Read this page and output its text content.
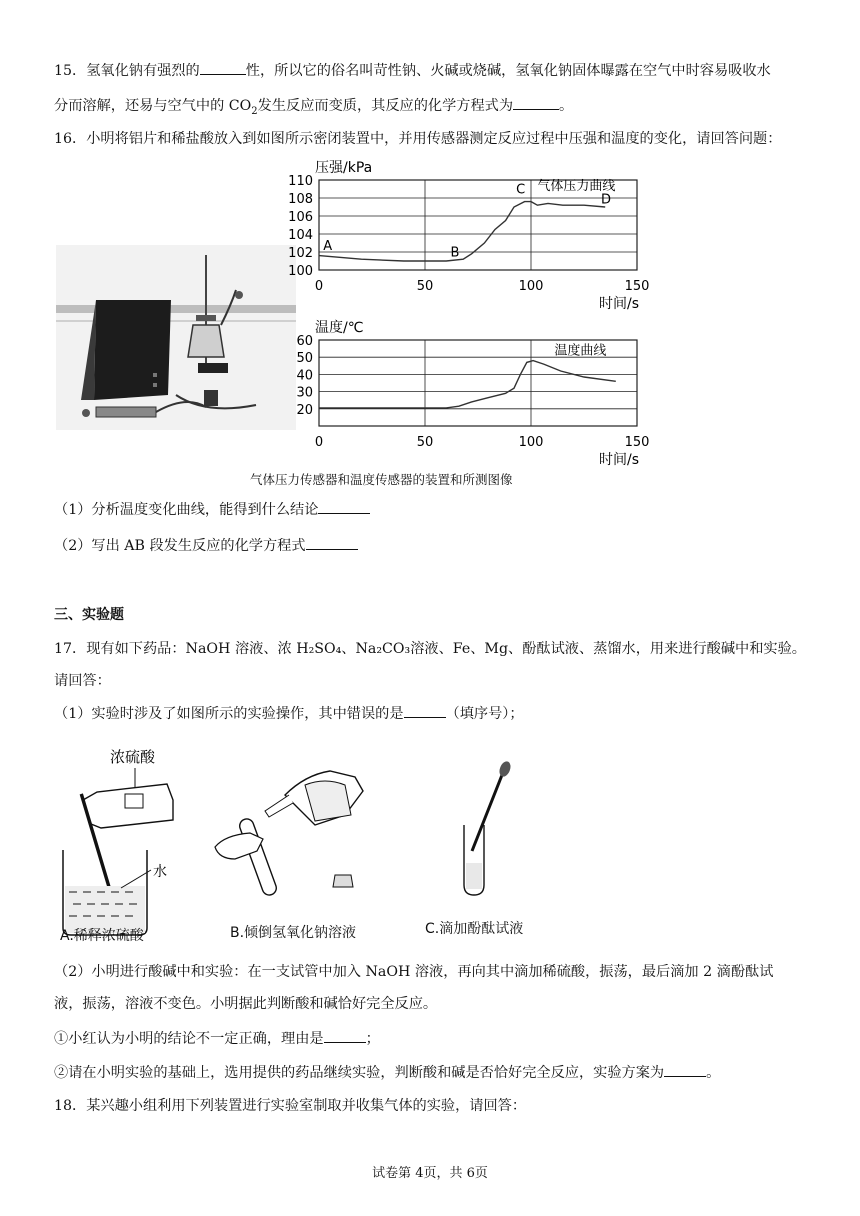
15．氢氧化钠有强烈的	性，所以它的俗名叫苛性钠、火碱或烧碱，氢氧化钠固体曝露在空气中时容易吸收水
分而溶解，还易与空气中的 $CO_2$发生反应而变质，其反应的化学方程式为	。
16．小明将铝片和稀盐酸放入到如图所示密闭装置中，并用传感器测定反应过程中压强和温度的变化，请回答问题：
100
102
104
106
108
110
0	50	100	150
压强/kPa
时间/s
气体压力曲线
A	B
C
D
20
30
40
50
60
0	50	100	150
温度/℃
时间/s
温度曲线
气体压力传感器和温度传感器的装置和所测图像
（1）分析温度变化曲线，能得到什么结论
（2）写出 AB 段发生反应的化学方程式
三、实验题
17．现有如下药品：NaOH 溶液、浓 H₂SO₄、Na₂CO₃溶液、Fe、Mg、酚酞试液、蒸馏水，用来进行酸碱中和实验。
请回答：
（1）实验时涉及了如图所示的实验操作，其中错误的是	（填序号）；
浓硫酸
水
A.稀释浓硫酸	B.倾倒氢氧化钠溶液	C.滴加酚酞试液
（2）小明进行酸碱中和实验：在一支试管中加入 NaOH 溶液，再向其中滴加稀硫酸，振荡，最后滴加 2 滴酚酞试
液，振荡，溶液不变色。小明据此判断酸和碱恰好完全反应。
①小红认为小明的结论不一定正确，理由是	；
②请在小明实验的基础上，选用提供的药品继续实验，判断酸和碱是否恰好完全反应，实验方案为	。
18．某兴趣小组利用下列装置进行实验室制取并收集气体的实验，请回答：
试卷第 4页，共 6页
